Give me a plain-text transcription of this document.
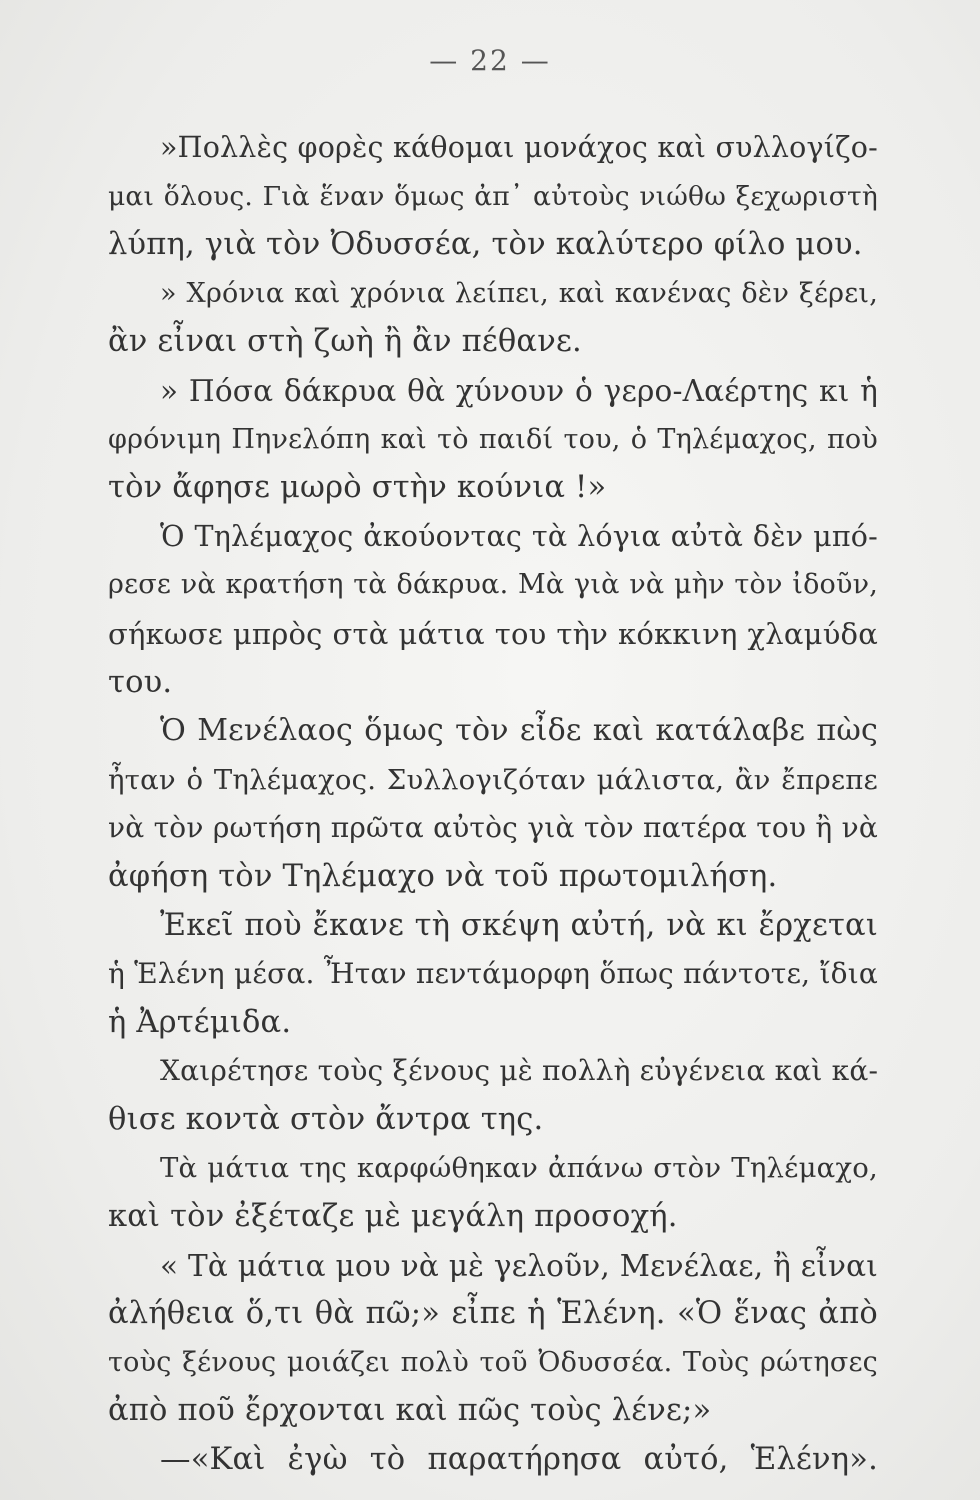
— 22 —
»Πολλὲς φορὲς κάθομαι μονάχος καὶ συλλογίζο-
μαι ὅλους. Γιὰ ἕναν ὅμως ἀπ᾽ αὐτοὺς νιώθω ξεχωριστὴ
λύπη, γιὰ τὸν Ὀδυσσέα, τὸν καλύτερο φίλο μου.
» Χρόνια καὶ χρόνια λείπει, καὶ κανένας δὲν ξέρει,
ἂν εἶναι στὴ ζωὴ ἢ ἂν πέθανε.
» Πόσα δάκρυα θὰ χύνουν ὁ γερο-Λαέρτης κι ἡ
φρόνιμη Πηνελόπη καὶ τὸ παιδί του, ὁ Τηλέμαχος, ποὺ
τὸν ἄφησε μωρὸ στὴν κούνια !»
Ὁ Τηλέμαχος ἀκούοντας τὰ λόγια αὐτὰ δὲν μπό-
ρεσε νὰ κρατήση τὰ δάκρυα. Μὰ γιὰ νὰ μὴν τὸν ἰδοῦν,
σήκωσε μπρὸς στὰ μάτια του τὴν κόκκινη χλαμύδα
του.
Ὁ Μενέλαος ὅμως τὸν εἶδε καὶ κατάλαβε πὼς
ἦταν ὁ Τηλέμαχος. Συλλογιζόταν μάλιστα, ἂν ἔπρεπε
νὰ τὸν ρωτήση πρῶτα αὐτὸς γιὰ τὸν πατέρα του ἢ νὰ
ἀφήση τὸν Τηλέμαχο νὰ τοῦ πρωτομιλήση.
Ἐκεῖ ποὺ ἔκανε τὴ σκέψη αὐτή, νὰ κι ἔρχεται
ἡ Ἑλένη μέσα. Ἦταν πεντάμορφη ὅπως πάντοτε, ἴδια
ἡ Ἀρτέμιδα.
Χαιρέτησε τοὺς ξένους μὲ πολλὴ εὐγένεια καὶ κά-
θισε κοντὰ στὸν ἄντρα της.
Τὰ μάτια της καρφώθηκαν ἀπάνω στὸν Τηλέμαχο,
καὶ τὸν ἐξέταζε μὲ μεγάλη προσοχή.
« Τὰ μάτια μου νὰ μὲ γελοῦν, Μενέλαε, ἢ εἶναι
ἀλήθεια ὅ,τι θὰ πῶ;» εἶπε ἡ Ἑλένη. «Ὁ ἕνας ἀπὸ
τοὺς ξένους μοιάζει πολὺ τοῦ Ὀδυσσέα. Τοὺς ρώτησες
ἀπὸ ποῦ ἔρχονται καὶ πῶς τοὺς λένε;»
—«Καὶ ἐγὼ τὸ παρατήρησα αὐτό, Ἑλένη».
